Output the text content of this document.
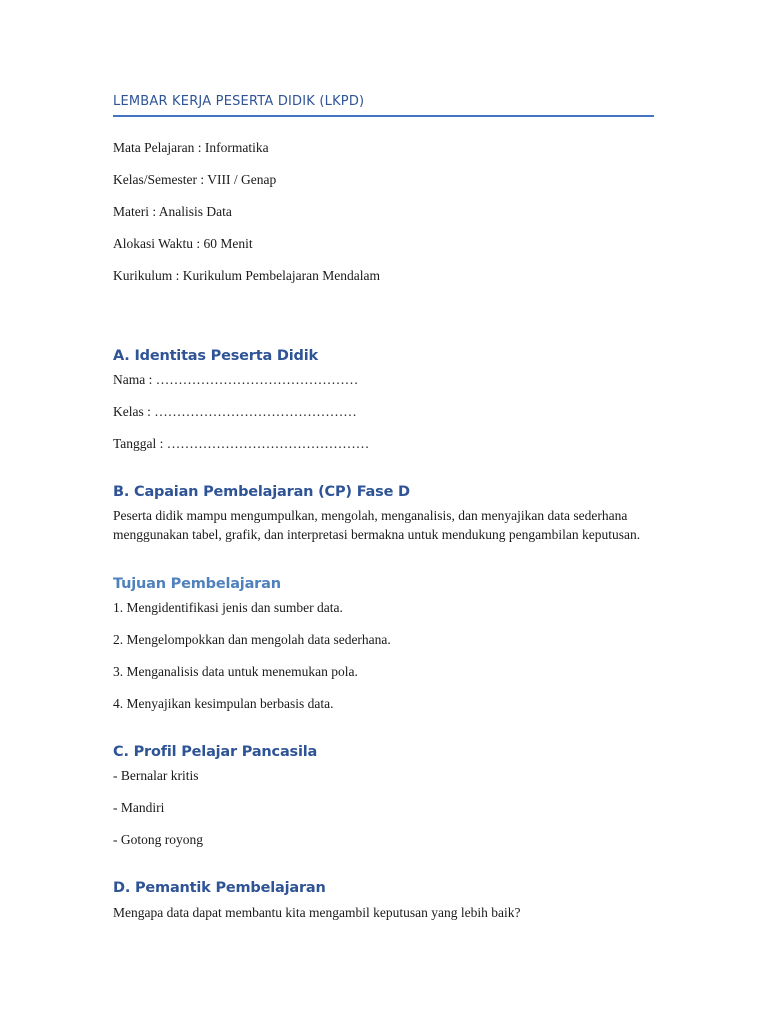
LEMBAR KERJA PESERTA DIDIK (LKPD)

Mata Pelajaran : Informatika

Kelas/Semester : VIII / Genap

Materi : Analisis Data

Alokasi Waktu : 60 Menit

Kurikulum : Kurikulum Pembelajaran Mendalam

A. Identitas Peserta Didik

Nama : ………………………………………

Kelas : ………………………………………

Tanggal : ………………………………………

B. Capaian Pembelajaran (CP) Fase D

Peserta didik mampu mengumpulkan, mengolah, menganalisis, dan menyajikan data sederhana menggunakan tabel, grafik, dan interpretasi bermakna untuk mendukung pengambilan keputusan.

Tujuan Pembelajaran

1. Mengidentifikasi jenis dan sumber data.

2. Mengelompokkan dan mengolah data sederhana.

3. Menganalisis data untuk menemukan pola.

4. Menyajikan kesimpulan berbasis data.

C. Profil Pelajar Pancasila

- Bernalar kritis

- Mandiri

- Gotong royong

D. Pemantik Pembelajaran

Mengapa data dapat membantu kita mengambil keputusan yang lebih baik?
